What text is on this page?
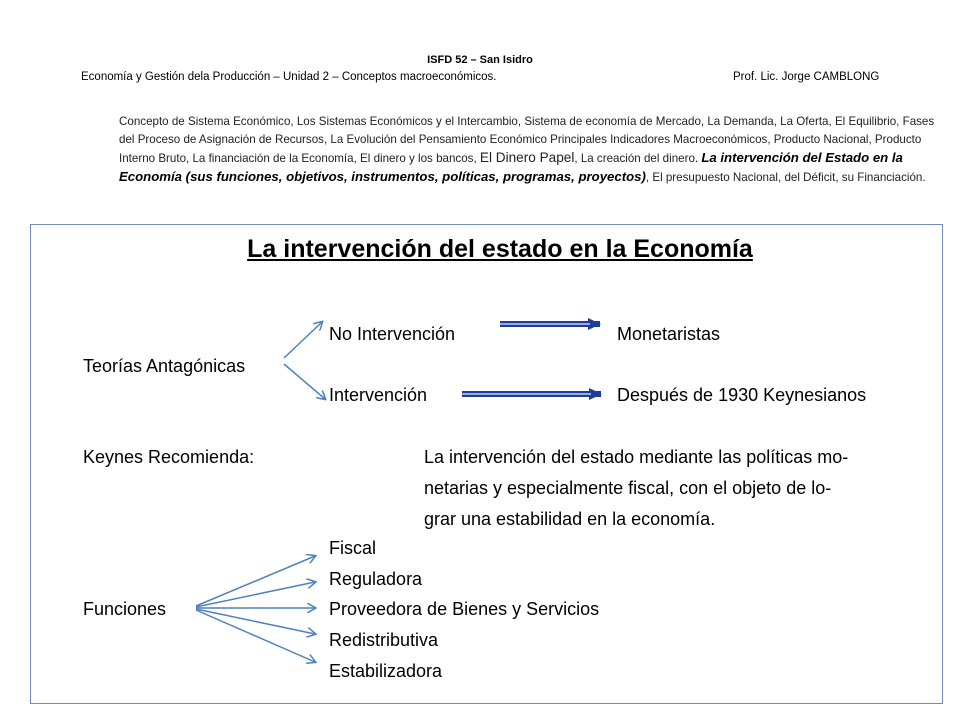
ISFD 52 – San Isidro
Economía y Gestión dela Producción – Unidad 2 – Conceptos macroeconómicos.	Prof. Lic. Jorge CAMBLONG
Concepto de Sistema Económico, Los Sistemas Económicos y el Intercambio, Sistema de economía de Mercado, La Demanda, La Oferta, El Equilibrio, Fases del Proceso de Asignación de Recursos, La Evolución del Pensamiento Económico Principales Indicadores Macroeconómicos, Producto Nacional, Producto Interno Bruto, La financiación de la Economía, El dinero y los bancos, El Dinero Papel, La creación del dinero. La intervención del Estado en la Economía (sus funciones, objetivos, instrumentos, políticas, programas, proyectos), El presupuesto Nacional, del Déficit, su Financiación.
La intervención del estado en la Economía
No Intervención	Monetaristas
Teorías Antagónicas
Intervención	Después de 1930 Keynesianos
Keynes Recomienda:	La intervención del estado mediante las políticas mo-
netarias y especialmente fiscal, con el objeto de lo-
grar una estabilidad en la economía.
Fiscal
Reguladora
Funciones	Proveedora de Bienes y Servicios
Redistributiva
Estabilizadora
